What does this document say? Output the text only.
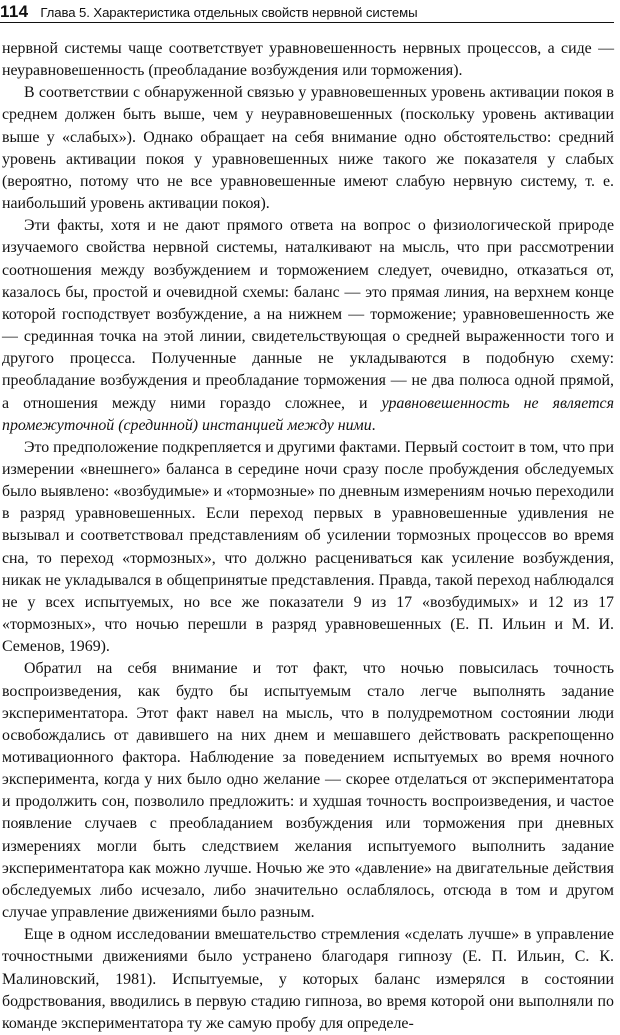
114 Глава 5. Характеристика отдельных свойств нервной системы

нервной системы чаще соответствует уравновешенность нервных процессов, а сиде — неуравновешенность (преобладание возбуждения или торможения).

В соответствии с обнаруженной связью у уравновешенных уровень активации покоя в среднем должен быть выше, чем у неуравновешенных (поскольку уровень активации выше у «слабых»). Однако обращает на себя внимание одно обстоятельство: средний уровень активации покоя у уравновешенных ниже такого же показателя у слабых (вероятно, потому что не все уравновешенные имеют слабую нервную систему, т. е. наибольший уровень активации покоя).

Эти факты, хотя и не дают прямого ответа на вопрос о физиологической природе изучаемого свойства нервной системы, наталкивают на мысль, что при рассмотрении соотношения между возбуждением и торможением следует, очевидно, отказаться от, казалось бы, простой и очевидной схемы: баланс — это прямая линия, на верхнем конце которой господствует возбуждение, а на нижнем — торможение; уравновешенность же — срединная точка на этой линии, свидетельствующая о средней выраженности того и другого процесса. Полученные данные не укладываются в подобную схему: преобладание возбуждения и преобладание торможения — не два полюса одной прямой, а отношения между ними гораздо сложнее, и уравновешенность не является промежуточной (срединной) инстанцией между ними.

Это предположение подкрепляется и другими фактами. Первый состоит в том, что при измерении «внешнего» баланса в середине ночи сразу после пробуждения обследуемых было выявлено: «возбудимые» и «тормозные» по дневным измерениям ночью переходили в разряд уравновешенных. Если переход первых в уравновешенные удивления не вызывал и соответствовал представлениям об усилении тормозных процессов во время сна, то переход «тормозных», что должно расцениваться как усиление возбуждения, никак не укладывался в общепринятые представления. Правда, такой переход наблюдался не у всех испытуемых, но все же показатели 9 из 17 «возбудимых» и 12 из 17 «тормозных», что ночью перешли в разряд уравновешенных (Е. П. Ильин и М. И. Семенов, 1969).

Обратил на себя внимание и тот факт, что ночью повысилась точность воспроизведения, как будто бы испытуемым стало легче выполнять задание экспериментатора. Этот факт навел на мысль, что в полудремотном состоянии люди освобождались от давившего на них днем и мешавшего действовать раскрепощенно мотивационного фактора. Наблюдение за поведением испытуемых во время ночного эксперимента, когда у них было одно желание — скорее отделаться от экспериментатора и продолжить сон, позволило предложить: и худшая точность воспроизведения, и частое появление случаев с преобладанием возбуждения или торможения при дневных измерениях могли быть следствием желания испытуемого выполнить задание экспериментатора как можно лучше. Ночью же это «давление» на двигательные действия обследуемых либо исчезало, либо значительно ослаблялось, отсюда в том и другом случае управление движениями было разным.

Еще в одном исследовании вмешательство стремления «сделать лучше» в управление точностными движениями было устранено благодаря гипнозу (Е. П. Ильин, С. К. Малиновский, 1981). Испытуемые, у которых баланс измерялся в состоянии бодрствования, вводились в первую стадию гипноза, во время которой они выполняли по команде экспериментатора ту же самую пробу для определе-
